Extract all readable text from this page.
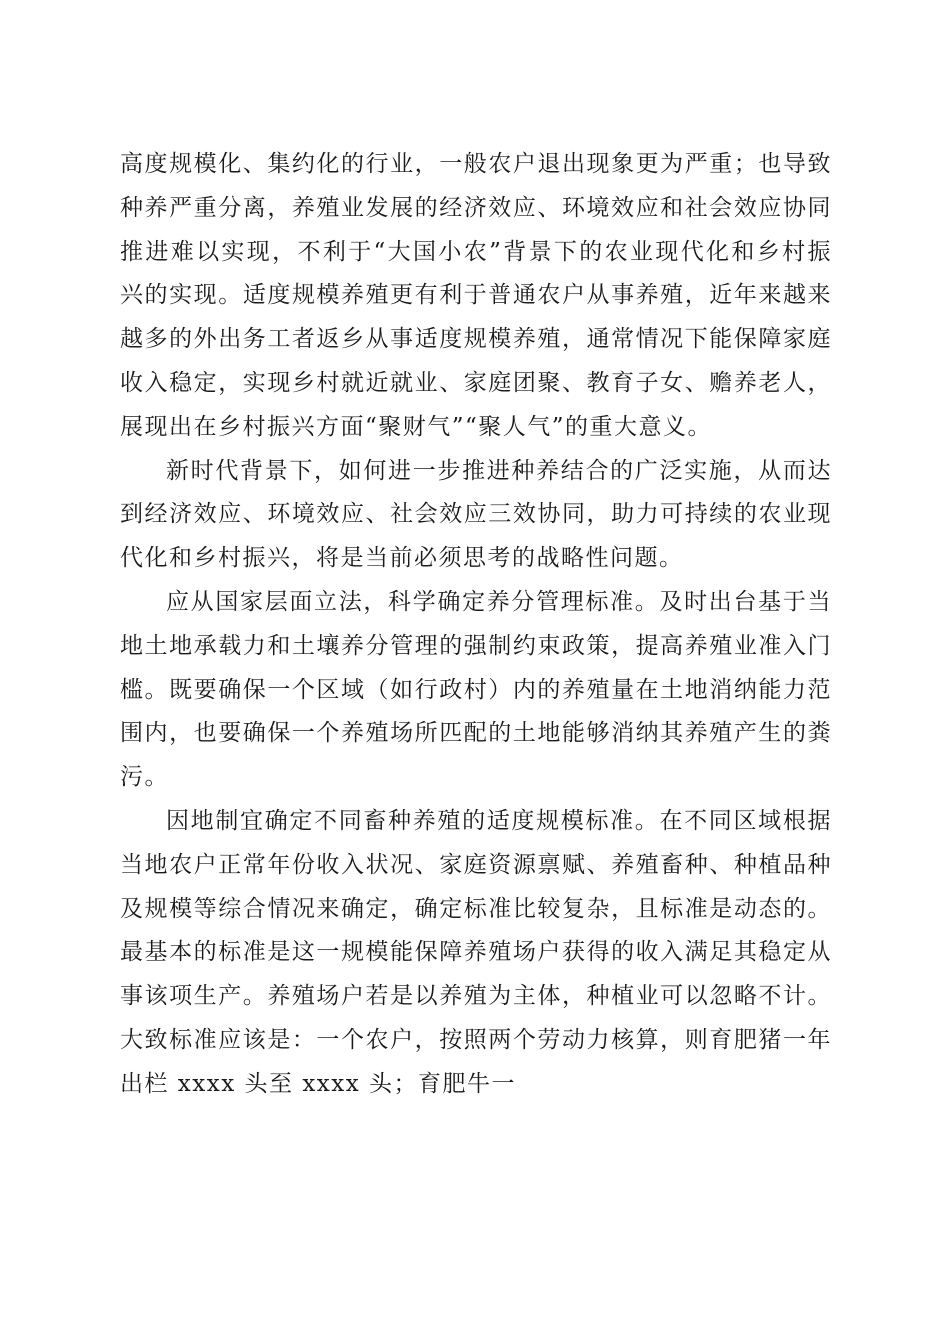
高度规模化、集约化的行业，一般农户退出现象更为严重；也导致种养严重分离，养殖业发展的经济效应、环境效应和社会效应协同推进难以实现，不利于“大国小农”背景下的农业现代化和乡村振兴的实现。适度规模养殖更有利于普通农户从事养殖，近年来越来越多的外出务工者返乡从事适度规模养殖，通常情况下能保障家庭收入稳定，实现乡村就近就业、家庭团聚、教育子女、赡养老人，展现出在乡村振兴方面“聚财气”“聚人气”的重大意义。

新时代背景下，如何进一步推进种养结合的广泛实施，从而达到经济效应、环境效应、社会效应三效协同，助力可持续的农业现代化和乡村振兴，将是当前必须思考的战略性问题。

应从国家层面立法，科学确定养分管理标准。及时出台基于当地土地承载力和土壤养分管理的强制约束政策，提高养殖业准入门槛。既要确保一个区域（如行政村）内的养殖量在土地消纳能力范围内，也要确保一个养殖场所匹配的土地能够消纳其养殖产生的粪污。

因地制宜确定不同畜种养殖的适度规模标准。在不同区域根据当地农户正常年份收入状况、家庭资源禀赋、养殖畜种、种植品种及规模等综合情况来确定，确定标准比较复杂，且标准是动态的。最基本的标准是这一规模能保障养殖场户获得的收入满足其稳定从事该项生产。养殖场户若是以养殖为主体，种植业可以忽略不计。大致标准应该是：一个农户，按照两个劳动力核算，则育肥猪一年出栏 xxxx 头至 xxxx 头；育肥牛一
